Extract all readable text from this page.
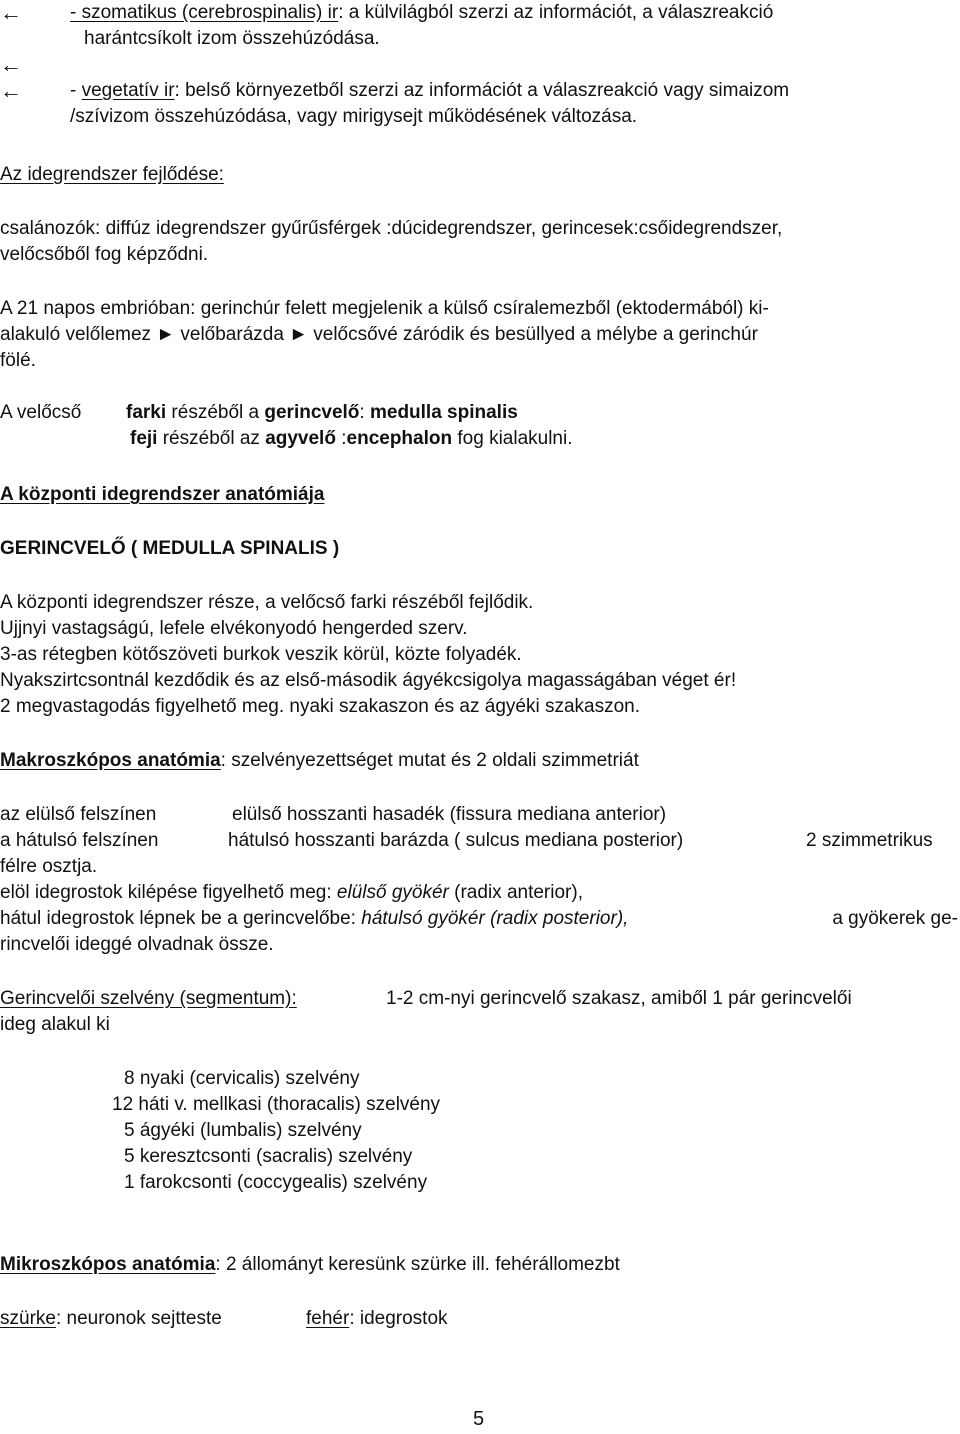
←
←
←
- szomatikus (cerebrospinalis) ir: a külvilágból szerzi az információt, a válaszreakció
harántcsíkolt izom összehúzódása.
- vegetatív ir: belső környezetből szerzi az információt a válaszreakció vagy simaizom
/szívizom összehúzódása, vagy mirigysejt működésének változása.
Az idegrendszer fejlődése:
csalánozók: diffúz idegrendszer gyűrűsférgek :dúcidegrendszer, gerincesek:csőidegrendszer,
velőcsőből fog képződni.
A 21 napos embrióban: gerinchúr felett megjelenik a külső csíralemezből (ektodermából) ki-
alakuló velőlemez ► velőbarázda ► velőcsővé záródik és besüllyed a mélybe a gerinchúr
fölé.
A velőcső farki részéből a gerincvelő: medulla spinalis
feji részéből az agyvelő :encephalon fog kialakulni.
A központi idegrendszer anatómiája
GERINCVELŐ ( MEDULLA SPINALIS )
A központi idegrendszer része, a velőcső farki részéből fejlődik.
Ujjnyi vastagságú, lefele elvékonyodó hengerded szerv.
3-as rétegben kötőszöveti burkok veszik körül, közte folyadék.
Nyakszirtcsontnál kezdődik és az első-második ágyékcsigolya magasságában véget ér!
2 megvastagodás figyelhető meg. nyaki szakaszon és az ágyéki szakaszon.
Makroszkópos anatómia: szelvényezettséget mutat és 2 oldali szimmetriát
az elülső felszínen	elülső hosszanti hasadék (fissura mediana anterior)
a hátulsó felszínen	hátulsó hosszanti barázda ( sulcus mediana posterior)	2 szimmetrikus
félre osztja.
elöl idegrostok kilépése figyelhető meg: elülső gyökér (radix anterior),
hátul idegrostok lépnek be a gerincvelőbe: hátulsó gyökér (radix posterior),	a gyökerek ge-
rincvelői ideggé olvadnak össze.
Gerincvelői szelvény (segmentum):	1-2 cm-nyi gerincvelő szakasz, amiből 1 pár gerincvelői
ideg alakul ki
8 nyaki (cervicalis) szelvény
12 háti v. mellkasi (thoracalis) szelvény
5 ágyéki (lumbalis) szelvény
5 keresztcsonti (sacralis) szelvény
1 farokcsonti (coccygealis) szelvény
Mikroszkópos anatómia: 2 állományt keresünk szürke ill. fehérállomezbt
szürke: neuronok sejtteste	fehér: idegrostok
5
